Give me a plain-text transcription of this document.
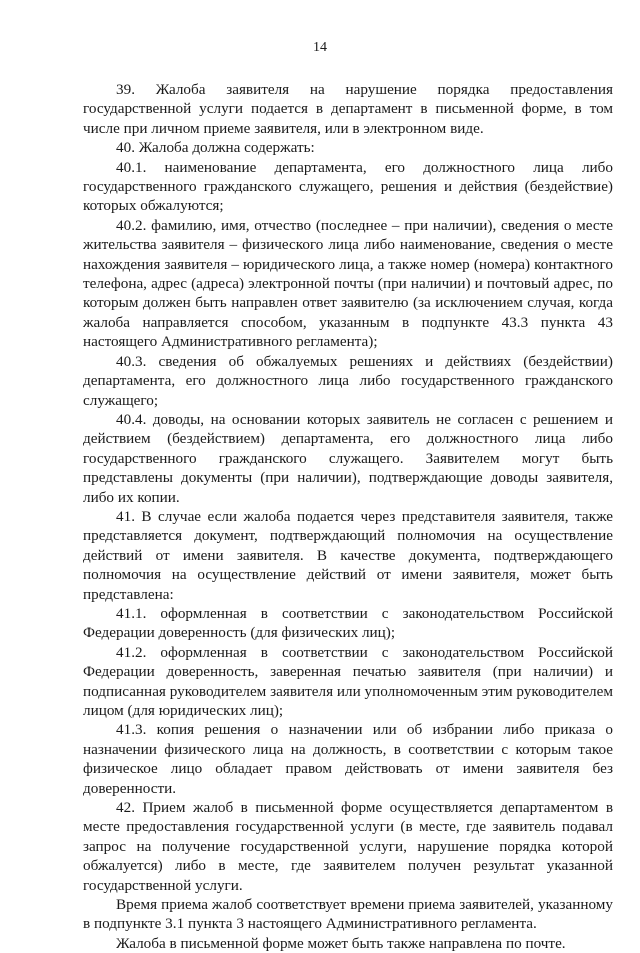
14

39. Жалоба заявителя на нарушение порядка предоставления государственной услуги подается в департамент в письменной форме, в том числе при личном приеме заявителя, или в электронном виде.

40. Жалоба должна содержать:

40.1. наименование департамента, его должностного лица либо государственного гражданского служащего, решения и действия (бездействие) которых обжалуются;

40.2. фамилию, имя, отчество (последнее – при наличии), сведения о месте жительства заявителя – физического лица либо наименование, сведения о месте нахождения заявителя – юридического лица, а также номер (номера) контактного телефона, адрес (адреса) электронной почты (при наличии) и почтовый адрес, по которым должен быть направлен ответ заявителю (за исключением случая, когда жалоба направляется способом, указанным в подпункте 43.3 пункта 43 настоящего Административного регламента);

40.3. сведения об обжалуемых решениях и действиях (бездействии) департамента, его должностного лица либо государственного гражданского служащего;

40.4. доводы, на основании которых заявитель не согласен с решением и действием (бездействием) департамента, его должностного лица либо государственного гражданского служащего. Заявителем могут быть представлены документы (при наличии), подтверждающие доводы заявителя, либо их копии.

41. В случае если жалоба подается через представителя заявителя, также представляется документ, подтверждающий полномочия на осуществление действий от имени заявителя. В качестве документа, подтверждающего полномочия на осуществление действий от имени заявителя, может быть представлена:

41.1. оформленная в соответствии с законодательством Российской Федерации доверенность (для физических лиц);

41.2. оформленная в соответствии с законодательством Российской Федерации доверенность, заверенная печатью заявителя (при наличии) и подписанная руководителем заявителя или уполномоченным этим руководителем лицом (для юридических лиц);

41.3. копия решения о назначении или об избрании либо приказа о назначении физического лица на должность, в соответствии с которым такое физическое лицо обладает правом действовать от имени заявителя без доверенности.

42. Прием жалоб в письменной форме осуществляется департаментом в месте предоставления государственной услуги (в месте, где заявитель подавал запрос на получение государственной услуги, нарушение порядка которой обжалуется) либо в месте, где заявителем получен результат указанной государственной услуги.

Время приема жалоб соответствует времени приема заявителей, указанному в подпункте 3.1 пункта 3 настоящего Административного регламента.

Жалоба в письменной форме может быть также направлена по почте.
